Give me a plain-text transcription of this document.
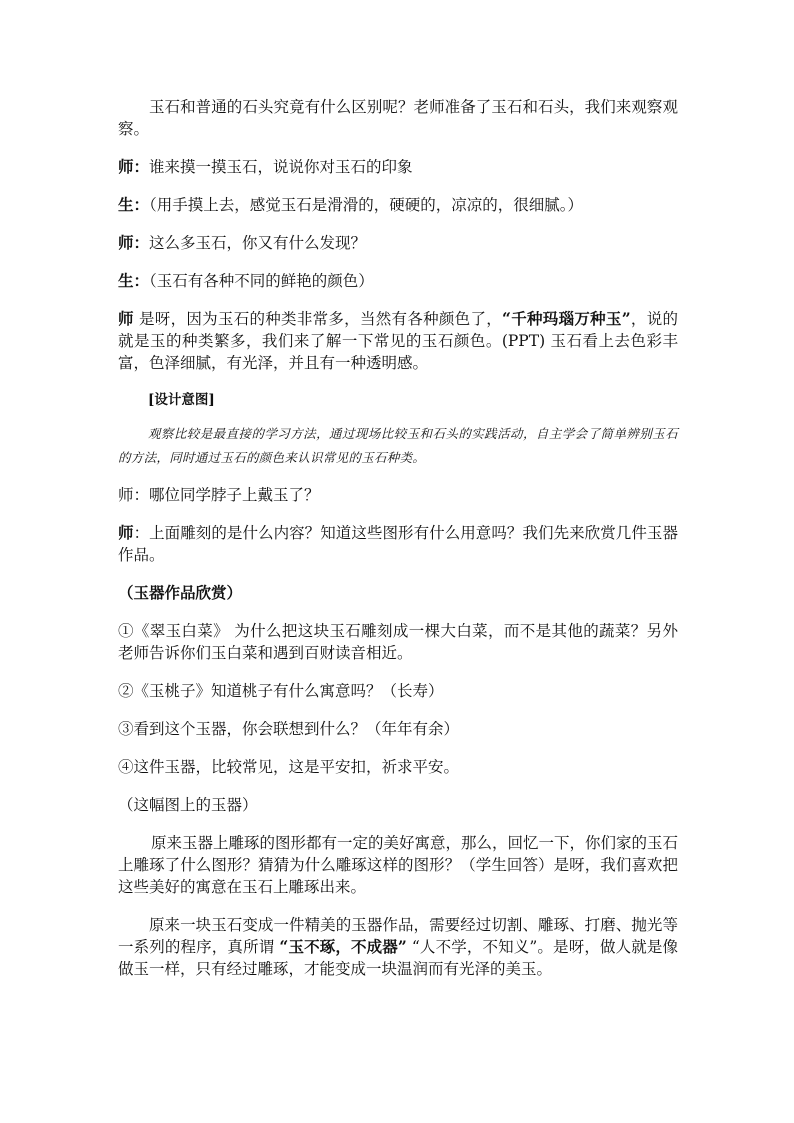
玉石和普通的石头究竟有什么区别呢？老师准备了玉石和石头，我们来观察观察。

师：谁来摸一摸玉石，说说你对玉石的印象

生：（用手摸上去，感觉玉石是滑滑的，硬硬的，凉凉的，很细腻。）

师：这么多玉石，你又有什么发现？

生：（玉石有各种不同的鲜艳的颜色）

师 是呀，因为玉石的种类非常多，当然有各种颜色了，“千种玛瑙万种玉”，说的就是玉的种类繁多，我们来了解一下常见的玉石颜色。(PPT) 玉石看上去色彩丰富，色泽细腻，有光泽，并且有一种透明感。

[设计意图]

观察比较是最直接的学习方法，通过现场比较玉和石头的实践活动，自主学会了简单辨别玉石的方法，同时通过玉石的颜色来认识常见的玉石种类。

师：哪位同学脖子上戴玉了？

师：上面雕刻的是什么内容？知道这些图形有什么用意吗？我们先来欣赏几件玉器作品。

（玉器作品欣赏）

①《翠玉白菜》 为什么把这块玉石雕刻成一棵大白菜，而不是其他的蔬菜？另外老师告诉你们玉白菜和遇到百财读音相近。

②《玉桃子》知道桃子有什么寓意吗？（长寿）

③看到这个玉器，你会联想到什么？（年年有余）

④这件玉器，比较常见，这是平安扣，祈求平安。

（这幅图上的玉器）

原来玉器上雕琢的图形都有一定的美好寓意，那么，回忆一下，你们家的玉石上雕琢了什么图形？猜猜为什么雕琢这样的图形？（学生回答）是呀，我们喜欢把这些美好的寓意在玉石上雕琢出来。

原来一块玉石变成一件精美的玉器作品，需要经过切割、雕琢、打磨、抛光等一系列的程序，真所谓 “玉不琢，不成器” “人不学，不知义”。是呀，做人就是像做玉一样，只有经过雕琢，才能变成一块温润而有光泽的美玉。
